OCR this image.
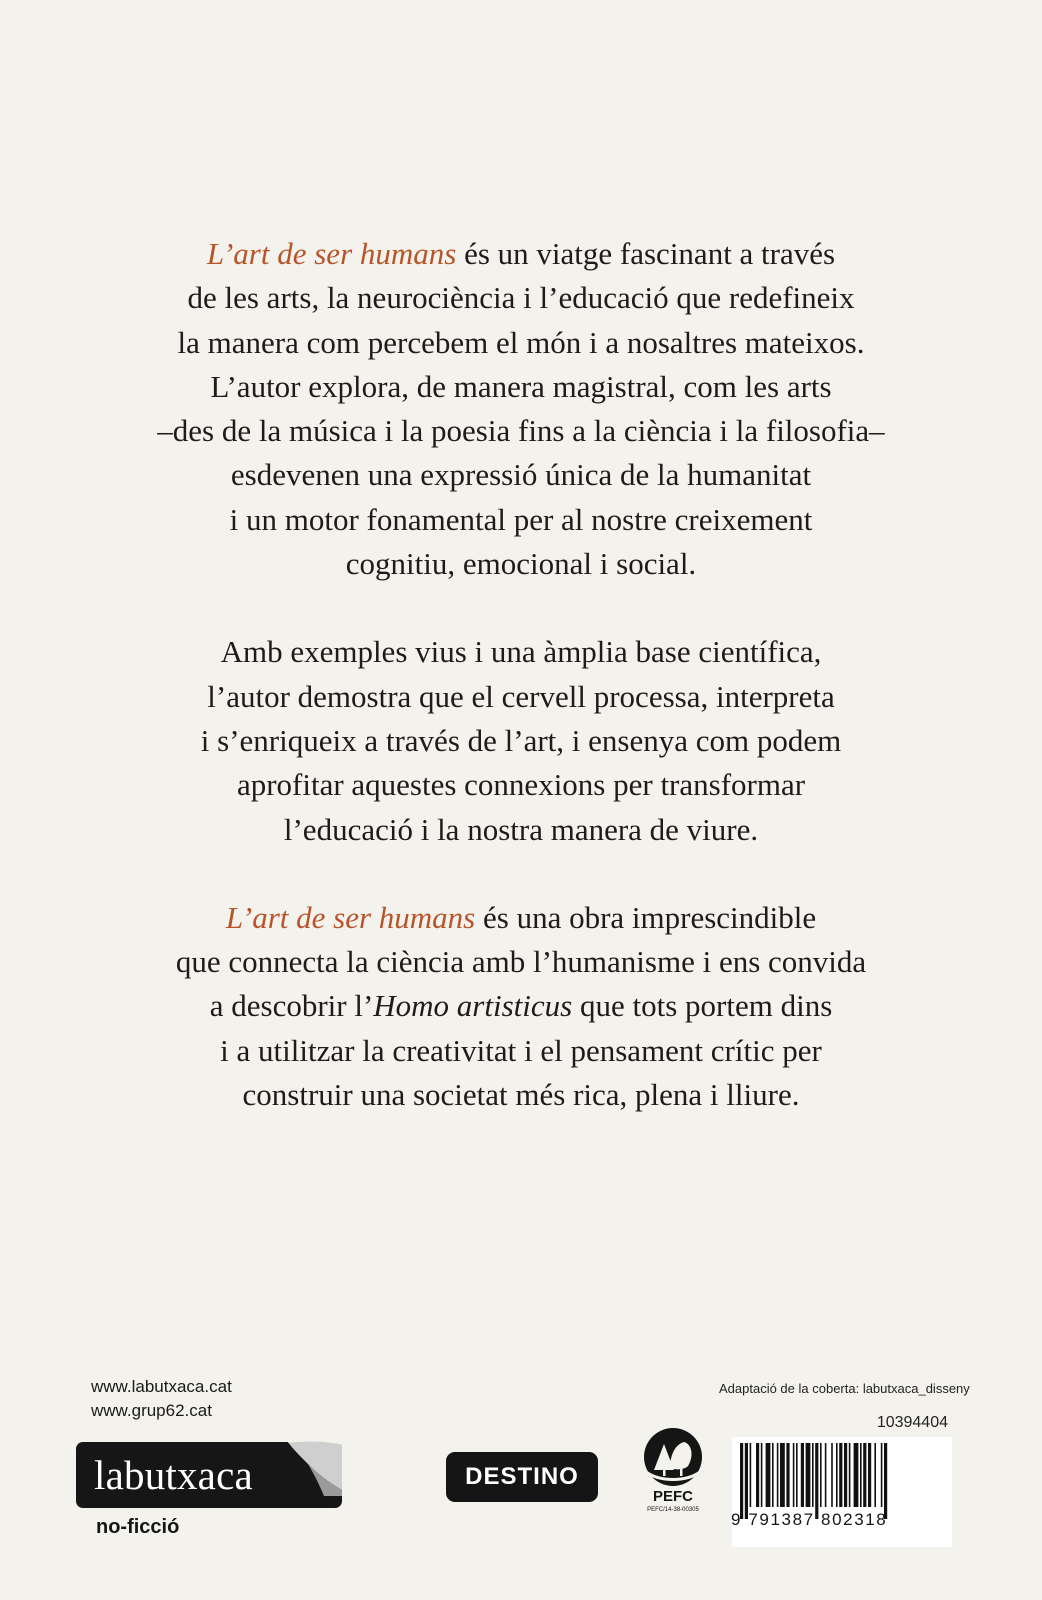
L’art de ser humans és un viatge fascinant a través
de les arts, la neurociència i l’educació que redefineix
la manera com percebem el món i a nosaltres mateixos.
L’autor explora, de manera magistral, com les arts
–des de la música i la poesia fins a la ciència i la filosofia–
esdevenen una expressió única de la humanitat
i un motor fonamental per al nostre creixement
cognitiu, emocional i social.

Amb exemples vius i una àmplia base científica,
l’autor demostra que el cervell processa, interpreta
i s’enriqueix a través de l’art, i ensenya com podem
aprofitar aquestes connexions per transformar
l’educació i la nostra manera de viure.

L’art de ser humans és una obra imprescindible
que connecta la ciència amb l’humanisme i ens convida
a descobrir l’Homo artisticus que tots portem dins
i a utilitzar la creativitat i el pensament crític per
construir una societat més rica, plena i lliure.

www.labutxaca.cat
www.grup62.cat
labutxaca
no-ficció
DESTINO
PEFC
PEFC/14-38-00305
Adaptació de la coberta: labutxaca_disseny
10394404
9 791387 802318
